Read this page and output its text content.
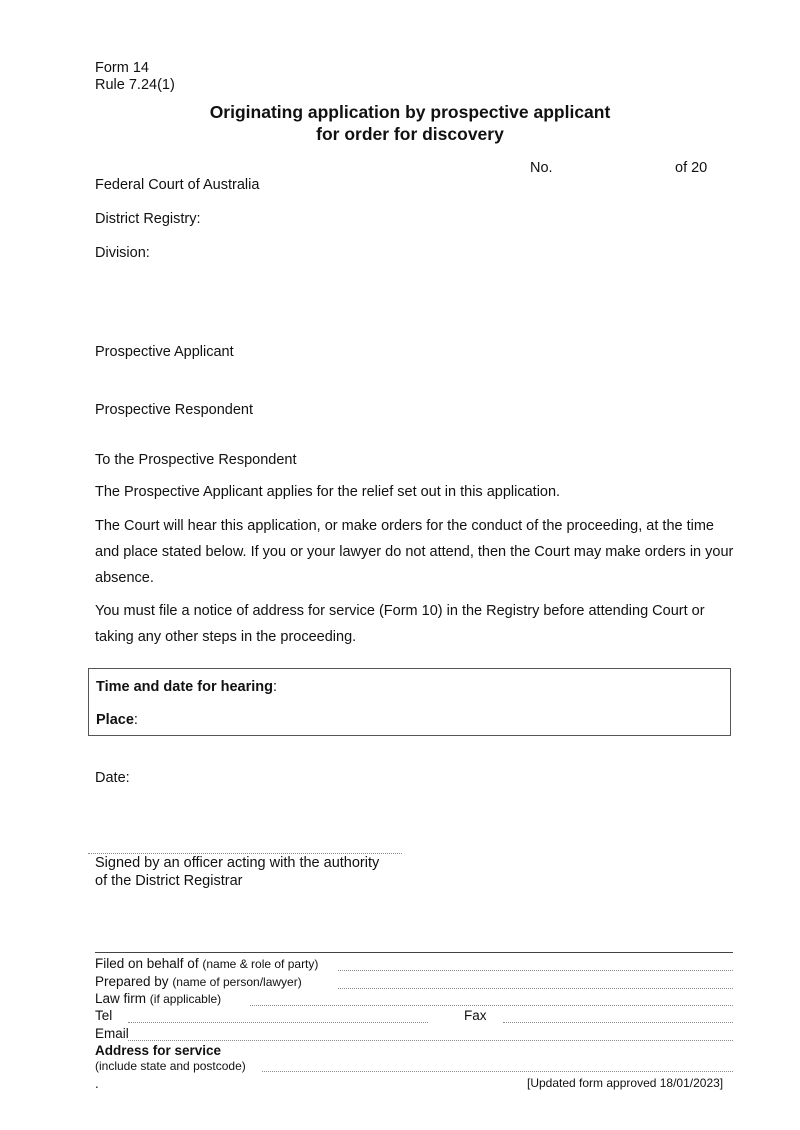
Form 14
Rule 7.24(1)
Originating application by prospective applicant
for order for discovery
No.	of 20
Federal Court of Australia
District Registry:
Division:
Prospective Applicant
Prospective Respondent
To the Prospective Respondent
The Prospective Applicant applies for the relief set out in this application.
The Court will hear this application, or make orders for the conduct of the proceeding, at the time and place stated below. If you or your lawyer do not attend, then the Court may make orders in your absence.
You must file a notice of address for service (Form 10) in the Registry before attending Court or taking any other steps in the proceeding.
Time and date for hearing:
Place:
Date:
Signed by an officer acting with the authority
of the District Registrar
Filed on behalf of (name & role of party)
Prepared by (name of person/lawyer)
Law firm (if applicable)
Tel	Fax
Email
Address for service
(include state and postcode)
.	[Updated form approved 18/01/2023]
